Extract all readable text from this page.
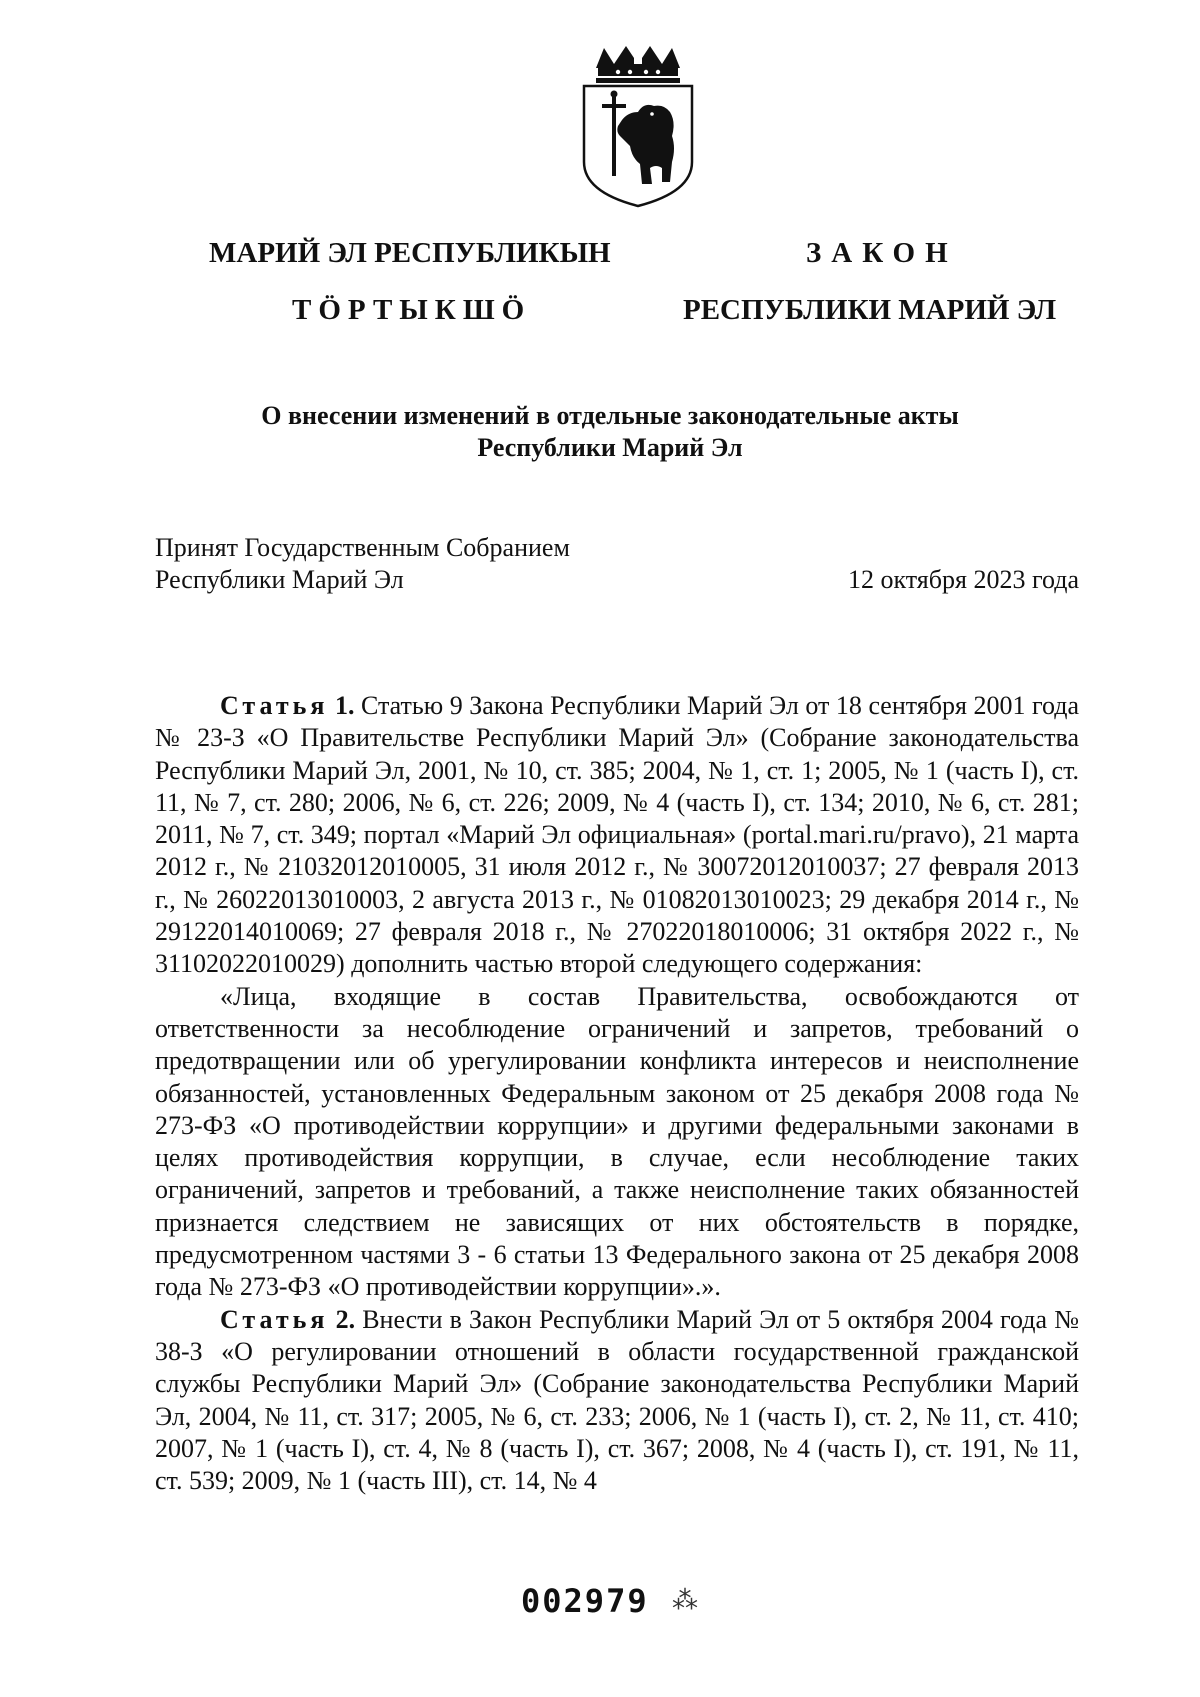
МАРИЙ ЭЛ РЕСПУБЛИКЫН
ТӦРТЫКШӦ
ЗАКОН
РЕСПУБЛИКИ МАРИЙ ЭЛ
О внесении изменений в отдельные законодательные акты
Республики Марий Эл
Принят Государственным Собранием
Республики Марий Эл	12 октября 2023 года

Статья 1. Статью 9 Закона Республики Марий Эл от 18 сентября 2001 года № 23-З «О Правительстве Республики Марий Эл» (Собрание законодательства Республики Марий Эл, 2001, № 10, ст. 385; 2004, № 1, ст. 1; 2005, № 1 (часть I), ст. 11, № 7, ст. 280; 2006, № 6, ст. 226; 2009, № 4 (часть I), ст. 134; 2010, № 6, ст. 281; 2011, № 7, ст. 349; портал «Марий Эл официальная» (portal.mari.ru/pravo), 21 марта 2012 г., № 21032012010005, 31 июля 2012 г., № 30072012010037; 27 февраля 2013 г., № 26022013010003, 2 августа 2013 г., № 01082013010023; 29 декабря 2014 г., № 29122014010069; 27 февраля 2018 г., № 27022018010006; 31 октября 2022 г., № 31102022010029) дополнить частью второй следующего содержания:

«Лица, входящие в состав Правительства, освобождаются от ответственности за несоблюдение ограничений и запретов, требований о предотвращении или об урегулировании конфликта интересов и неисполнение обязанностей, установленных Федеральным законом от 25 декабря 2008 года № 273-ФЗ «О противодействии коррупции» и другими федеральными законами в целях противодействия коррупции, в случае, если несоблюдение таких ограничений, запретов и требований, а также неисполнение таких обязанностей признается следствием не зависящих от них обстоятельств в порядке, предусмотренном частями 3 - 6 статьи 13 Федерального закона от 25 декабря 2008 года № 273-ФЗ «О противодействии коррупции».».

Статья 2. Внести в Закон Республики Марий Эл от 5 октября 2004 года № 38-З «О регулировании отношений в области государственной гражданской службы Республики Марий Эл» (Собрание законодательства Республики Марий Эл, 2004, № 11, ст. 317; 2005, № 6, ст. 233; 2006, № 1 (часть I), ст. 2, № 11, ст. 410; 2007, № 1 (часть I), ст. 4, № 8 (часть I), ст. 367; 2008, № 4 (часть I), ст. 191, № 11, ст. 539; 2009, № 1 (часть III), ст. 14, № 4

002979 ⁂
